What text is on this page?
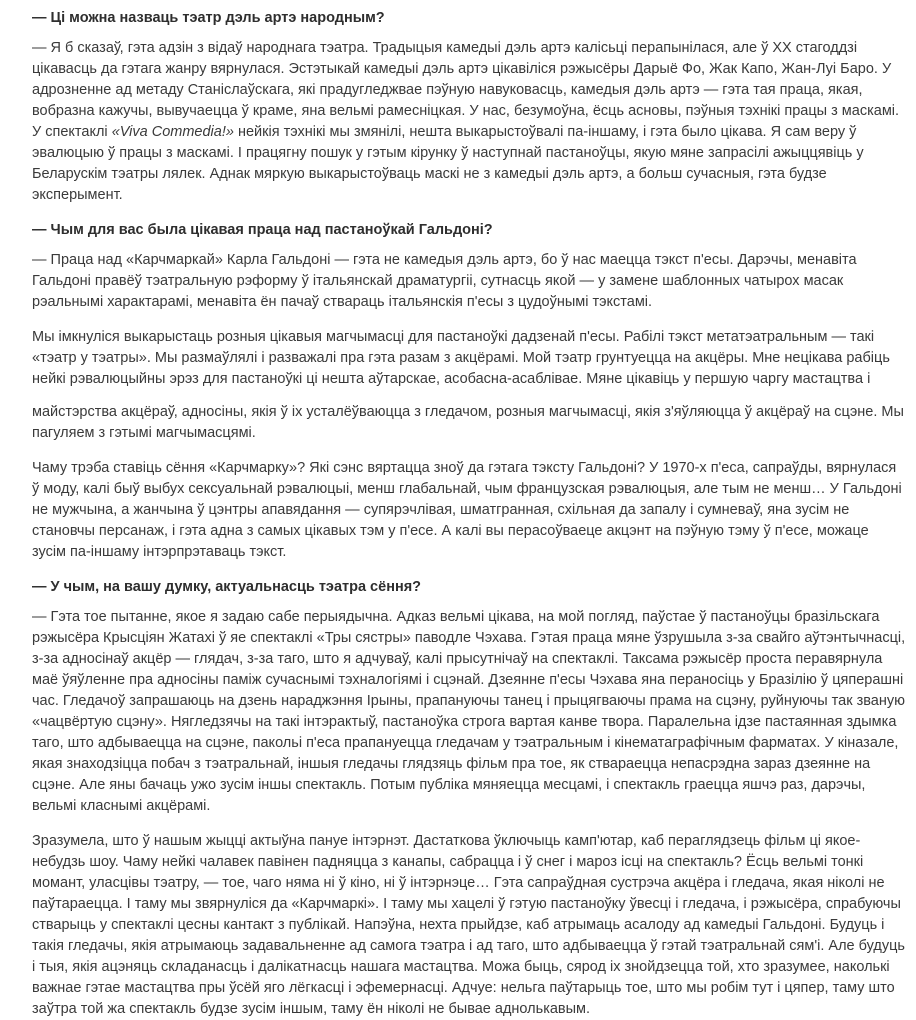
— Ці можна назваць тэатр дэль артэ народным?
— Я б сказаў, гэта адзін з відаў народнага тэатра. Традыцыя камедыі дэль артэ калісьці перапынілася, але ў XX стагоддзі цікавасць да гэтага жанру вярнулася. Эстэтыкай камедыі дэль артэ цікавіліся рэжысёры Дарыё Фо, Жак Капо, Жан-Луі Баро. У адрозненне ад метаду Станіслаўскага, які прадугледжвае пэўную навуковасць, камедыя дэль артэ — гэта тая праца, якая, вобразна кажучы, вывучаецца ў краме, яна вельмі рамесніцкая. У нас, безумоўна, ёсць асновы, пэўныя тэхнікі працы з маскамі. У спектаклі «Viva Commedia!» нейкія тэхнікі мы змянілі, нешта выкарыстоўвалі па-іншаму, і гэта было цікава. Я сам веру ў эвалюцыю ў працы з маскамі. І працягну пошук у гэтым кірунку ў наступнай пастаноўцы, якую мяне запрасілі ажыццявіць у Беларускім тэатры лялек. Аднак мяркую выкарыстоўваць маскі не з камедыі дэль артэ, а больш сучасныя, гэта будзе эксперымент.
— Чым для вас была цікавая праца над пастаноўкай Гальдоні?
— Праца над «Карчмаркай» Карла Гальдоні — гэта не камедыя дэль артэ, бо ў нас маецца тэкст п'есы. Дарэчы, менавіта Гальдоні правёў тэатральную рэформу ў італьянскай драматургіі, сутнасць якой — у замене шаблонных чатырох масак рэальнымі характарамі, менавіта ён пачаў ствараць італьянскія п'есы з цудоўнымі тэкстамі.
Мы імкнуліся выкарыстаць розныя цікавыя магчымасці для пастаноўкі дадзенай п'есы. Рабілі тэкст метатэатральным — такі «тэатр у тэатры». Мы размаўлялі і разважалі пра гэта разам з акцёрамі. Мой тэатр грунтуецца на акцёры. Мне нецікава рабіць нейкі рэвалюцыйны эрэз для пастаноўкі ці нешта аўтарскае, асобасна-асаблівае. Мяне цікавіць у першую чаргу мастацтва і
майстэрства акцёраў, адносіны, якія ў іх усталёўваюцца з гледачом, розныя магчымасці, якія з'яўляюцца ў акцёраў на сцэне. Мы пагуляем з гэтымі магчымасцямі.
Чаму трэба ставіць сёння «Карчмарку»? Які сэнс вяртацца зноў да гэтага тэксту Гальдоні? У 1970-х п'еса, сапраўды, вярнулася ў моду, калі быў выбух сексуальнай рэвалюцыі, менш глабальнай, чым французская рэвалюцыя, але тым не менш… У Гальдоні не мужчына, а жанчына ў цэнтры апавядання — супярэчлівая, шматгранная, схільная да запалу і сумневаў, яна зусім не становчы персанаж, і гэта адна з самых цікавых тэм у п'есе. А калі вы перасоўваеце акцэнт на пэўную тэму ў п'есе, можаце зусім па-іншаму інтэрпрэтаваць тэкст.
— У чым, на вашу думку, актуальнасць тэатра сёння?
— Гэта тое пытанне, якое я задаю сабе перыядычна. Адказ вельмі цікава, на мой погляд, паўстае ў пастаноўцы бразільскага рэжысёра Крысціян Жатахі ў яе спектаклі «Тры сястры» паводле Чэхава. Гэтая праца мяне ўзрушыла з-за свайго аўтэнтычнасці, з-за адносінаў акцёр — глядач, з-за таго, што я адчуваў, калі прысутнічаў на спектаклі. Таксама рэжысёр проста перавярнула маё ўяўленне пра адносіны паміж сучаснымі тэхналогіямі і сцэнай. Дзеянне п'есы Чэхава яна пераносіць у Бразілію ў цяперашні час. Гледачоў запрашаюць на дзень нараджэння Ірыны, прапануючы танец і прыцягваючы прама на сцэну, руйнуючы так званую «чацвёртую сцэну». Нягледзячы на такі інтэрактыў, пастаноўка строга вартая канве твора. Паралельна ідзе пастаянная здымка таго, што адбываецца на сцэне, пакольі п'еса прапануецца гледачам у тэатральным і кінематаграфічным фарматах. У кіназале, якая знаходзіцца побач з тэатральнай, іншыя гледачы глядзяць фільм пра тое, як ствараецца непасрэдна зараз дзеянне на сцэне. Але яны бачаць ужо зусім іншы спектакль. Потым публіка мяняецца месцамі, і спектакль граецца яшчэ раз, дарэчы, вельмі класнымі акцёрамі.
Зразумела, што ў нашым жыцці актыўна пануе інтэрнэт. Дастаткова ўключыць камп'ютар, каб пераглядзець фільм ці якое-небудзь шоу. Чаму нейкі чалавек павінен падняцца з канапы, сабрацца і ў снег і мароз ісці на спектакль? Ёсць вельмі тонкі момант, уласцівы тэатру, — тое, чаго няма ні ў кіно, ні ў інтэрнэце… Гэта сапраўдная сустрэча акцёра і гледача, якая ніколі не паўтараецца. І таму мы звярнуліся да «Карчмаркі». І таму мы хацелі ў гэтую пастаноўку ўвесці і гледача, і рэжысёра, спрабуючы стварыць у спектаклі цесны кантакт з публікай. Напэўна, нехта прыйдзе, каб атрымаць асалоду ад камедыі Гальдоні. Будуць і такія гледачы, якія атрымаюць задавальненне ад самога тэатра і ад таго, што адбываецца ў гэтай тэатральнай сям'і. Але будуць і тыя, якія ацэняць складанасць і далікатнасць нашага мастацтва. Можа быць, сярод іх знойдзецца той, хто зразумее, наколькі важнае гэтае мастацтва пры ўсёй яго лёгкасці і эфемернасці. Адчуе: нельга паўтарыць тое, што мы робім тут і цяпер, таму што заўтра той жа спектакль будзе зусім іншым, таму ён ніколі не бывае аднолькавым.
